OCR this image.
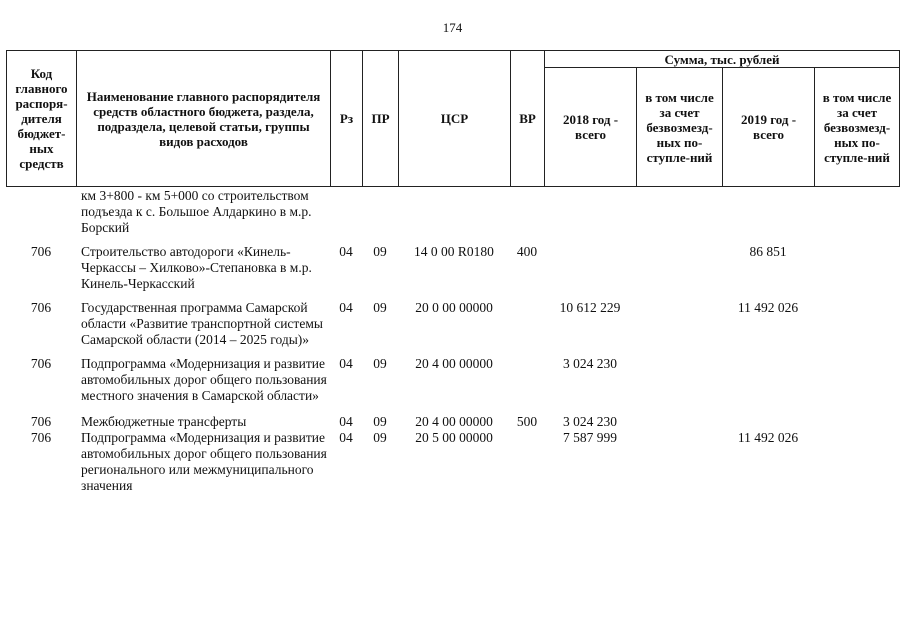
174
Код главного распоря-дителя бюджет-ных средств	Наименование главного распорядителя средств областного бюджета, раздела, подраздела, целевой статьи, группы видов расходов	Рз	ПР	ЦСР	ВР	Сумма, тыс. рублей			
						2018 год - всего	в том числе за счет безвозмезд-ных по-ступле-ний	2019 год - всего	в том числе за счет безвозмезд-ных по-ступле-ний
	км 3+800 - км 5+000 со строительством подъезда к с. Большое Алдаркино в м.р. Борский								
706	Строительство автодороги «Кинель-Черкассы – Хилково»-Степановка в м.р. Кинель-Черкасский	04	09	14 0 00 R0180	400			86 851	
706	Государственная программа Самарской области «Развитие транспортной системы Самарской области (2014 – 2025 годы)»	04	09	20 0 00 00000		10 612 229		11 492 026	
706	Подпрограмма «Модернизация и развитие автомобильных дорог общего пользования местного значения в Самарской области»	04	09	20 4 00 00000		3 024 230			
706	Межбюджетные трансферты	04	09	20 4 00 00000	500	3 024 230			
706	Подпрограмма «Модернизация и развитие автомобильных дорог общего пользования регионального или межмуниципального значения	04	09	20 5 00 00000		7 587 999		11 492 026	
